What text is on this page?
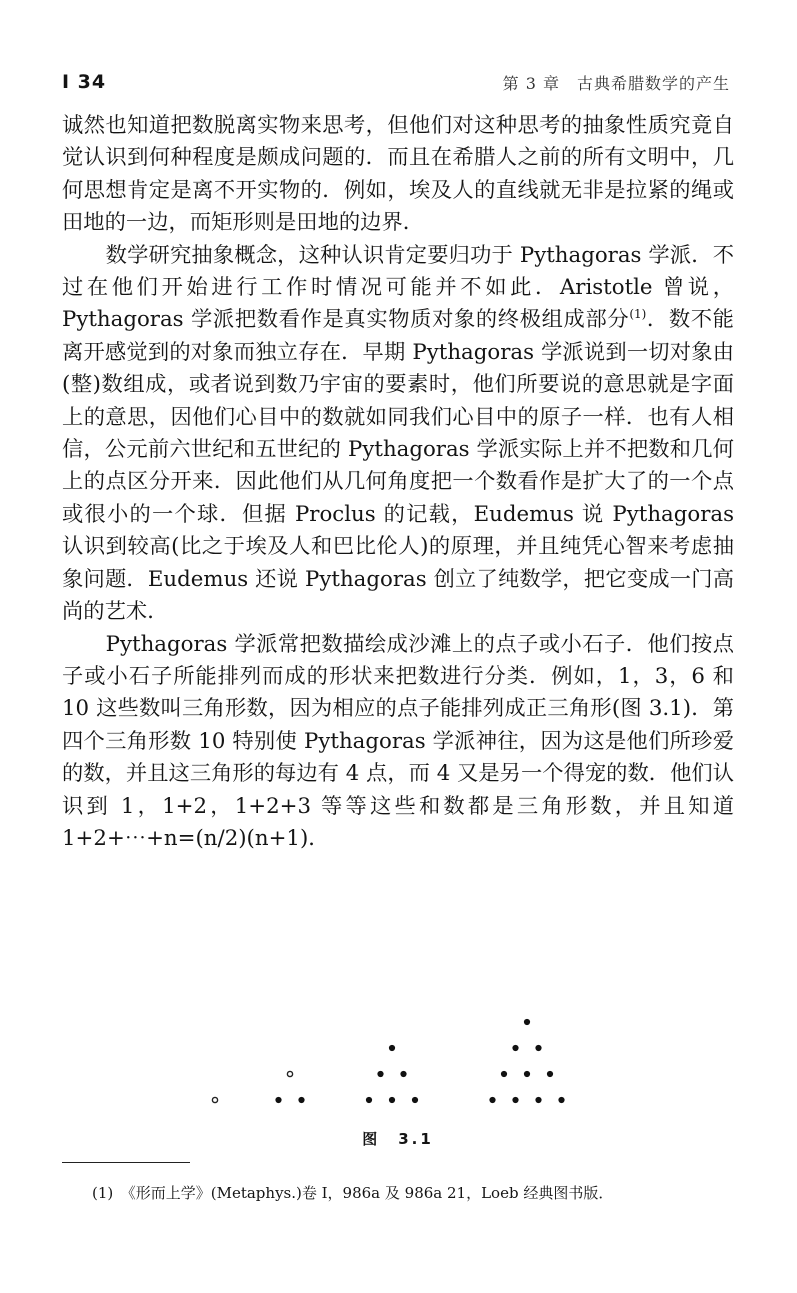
I 34	第 3 章　古典希腊数学的产生

诚然也知道把数脱离实物来思考，但他们对这种思考的抽象性质究竟自觉认识到何种程度是颇成问题的．而且在希腊人之前的所有文明中，几何思想肯定是离不开实物的．例如，埃及人的直线就无非是拉紧的绳或田地的一边，而矩形则是田地的边界．

数学研究抽象概念，这种认识肯定要归功于 Pythagoras 学派．不过在他们开始进行工作时情况可能并不如此．Aristotle 曾说，Pythagoras 学派把数看作是真实物质对象的终极组成部分$^{(1)}$．数不能离开感觉到的对象而独立存在．早期 Pythagoras 学派说到一切对象由(整)数组成，或者说到数乃宇宙的要素时，他们所要说的意思就是字面上的意思，因他们心目中的数就如同我们心目中的原子一样．也有人相信，公元前六世纪和五世纪的 Pythagoras 学派实际上并不把数和几何上的点区分开来．因此他们从几何角度把一个数看作是扩大了的一个点或很小的一个球．但据 Proclus 的记载，Eudemus 说 Pythagoras 认识到较高(比之于埃及人和巴比伦人)的原理，并且纯凭心智来考虑抽象问题．Eudemus 还说 Pythagoras 创立了纯数学，把它变成一门高尚的艺术．

Pythagoras 学派常把数描绘成沙滩上的点子或小石子．他们按点子或小石子所能排列而成的形状来把数进行分类．例如，1，3，6 和 10 这些数叫三角形数，因为相应的点子能排列成正三角形(图 3.1)．第四个三角形数 10 特别使 Pythagoras 学派神往，因为这是他们所珍爱的数，并且这三角形的每边有 4 点，而 4 又是另一个得宠的数．他们认识到 1，1+2，1+2+3 等等这些和数都是三角形数，并且知道 1+2+⋯+n=(n/2)(n+1)．

图　3.1
(1)　《形而上学》(Metaphys.)卷 I，986a 及 986a 21，Loeb 经典图书版．
